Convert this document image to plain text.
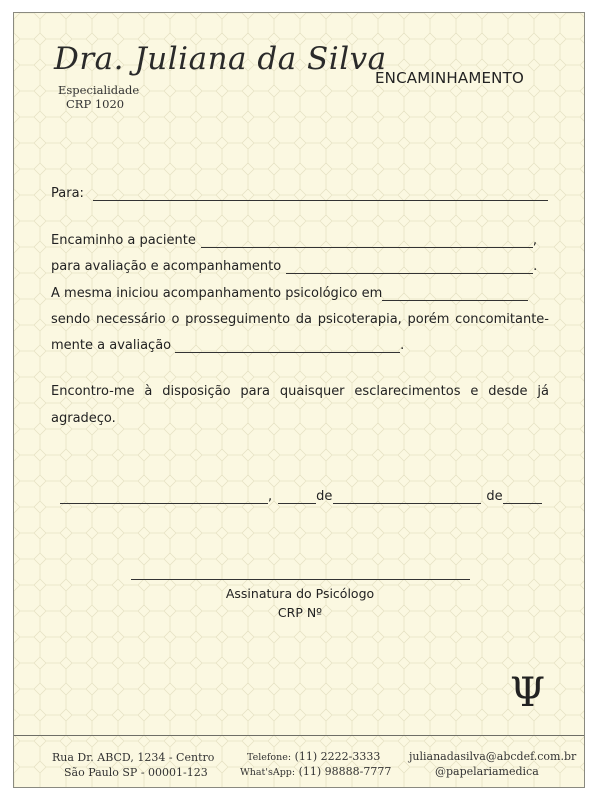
Dra. Juliana da Silva
Especialidade
CRP 1020
ENCAMINHAMENTO
Para:
Encaminho a paciente	,
para avaliação e acompanhamento	.
A mesma iniciou acompanhamento psicológico em
sendo necessário o prosseguimento da psicoterapia, porém concomitante-
mente a avaliação	.
Encontro-me à disposição para quaisquer esclarecimentos e desde já
agradeço.
,	de	de
Assinatura do Psicólogo
CRP Nº
Ψ
Rua Dr. ABCD, 1234 - Centro
São Paulo SP - 00001-123
Telefone: (11) 2222-3333
What'sApp: (11) 98888-7777
julianadasilva@abcdef.com.br
@papelariamedica
